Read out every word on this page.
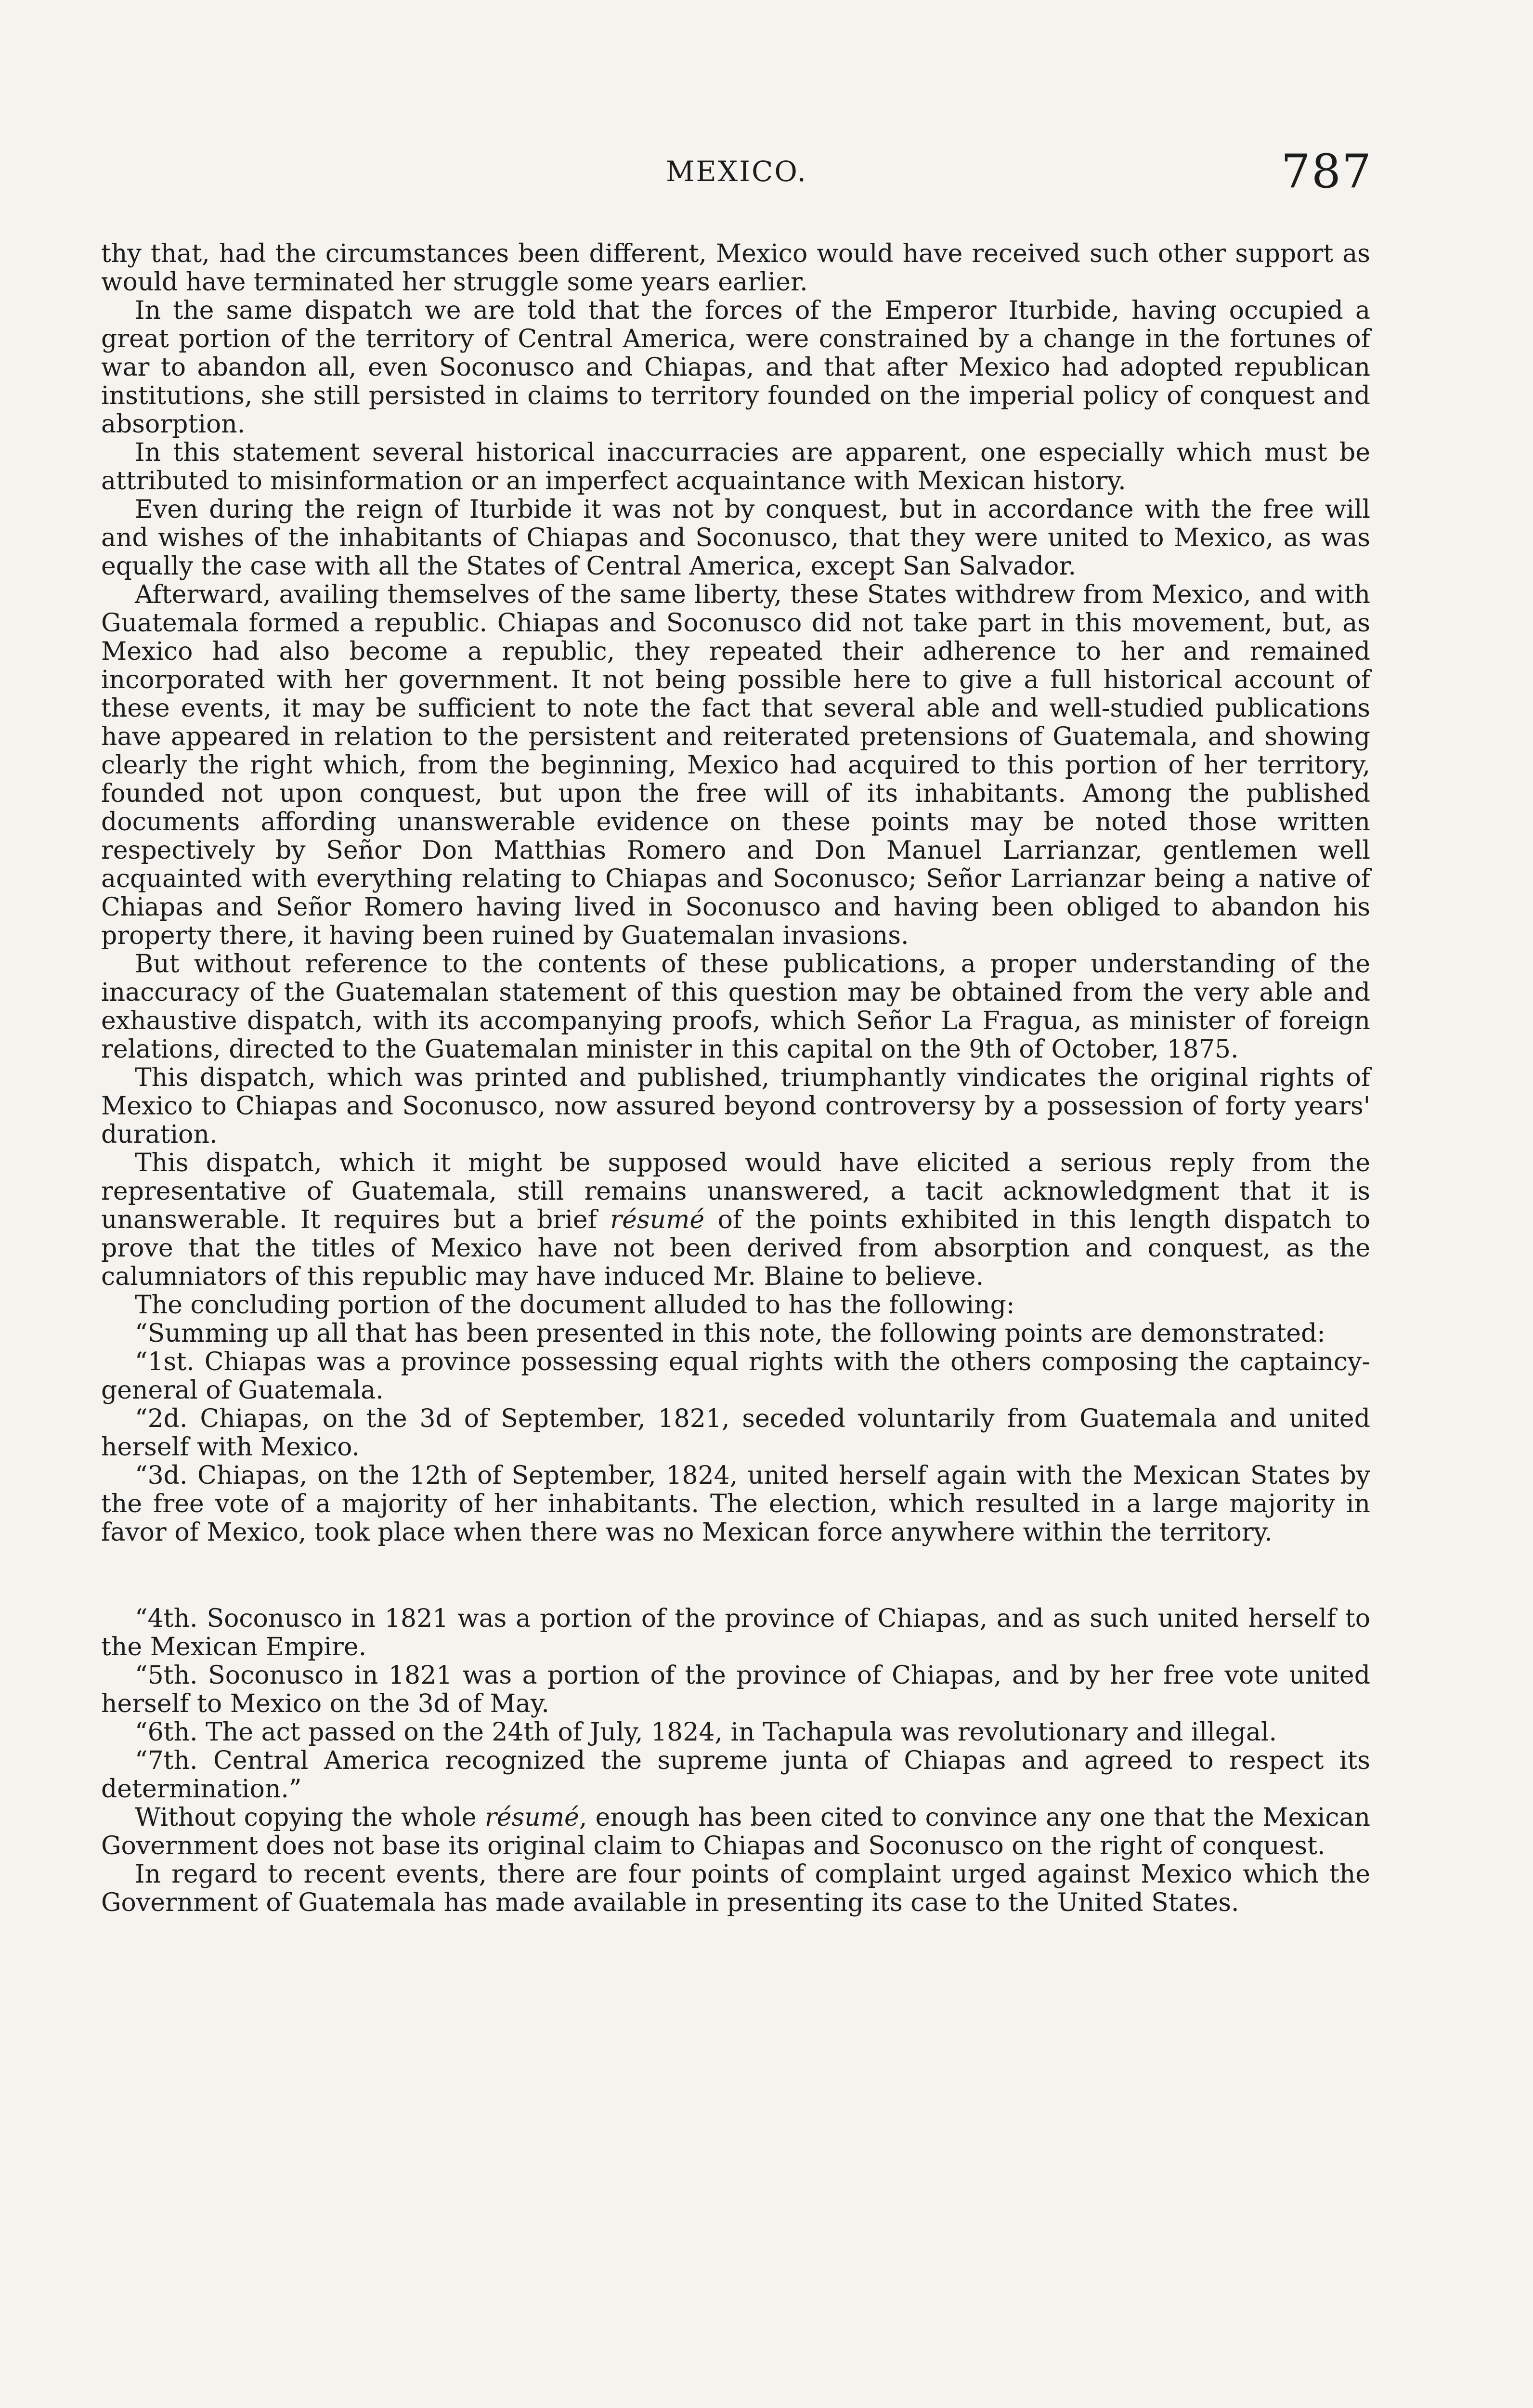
MEXICO.	787

thy that, had the circumstances been different, Mexico would have received such other support as would have terminated her struggle some years earlier.

In the same dispatch we are told that the forces of the Emperor Iturbide, having occupied a great portion of the territory of Central America, were constrained by a change in the fortunes of war to abandon all, even Soconusco and Chiapas, and that after Mexico had adopted republican institutions, she still persisted in claims to territory founded on the imperial policy of conquest and absorption.

In this statement several historical inaccurracies are apparent, one especially which must be attributed to misinformation or an imperfect acquaintance with Mexican history.

Even during the reign of Iturbide it was not by conquest, but in accordance with the free will and wishes of the inhabitants of Chiapas and Soconusco, that they were united to Mexico, as was equally the case with all the States of Central America, except San Salvador.

Afterward, availing themselves of the same liberty, these States withdrew from Mexico, and with Guatemala formed a republic. Chiapas and Soconusco did not take part in this movement, but, as Mexico had also become a republic, they repeated their adherence to her and remained incorporated with her government. It not being possible here to give a full historical account of these events, it may be sufficient to note the fact that several able and well-studied publications have appeared in relation to the persistent and reiterated pretensions of Guatemala, and showing clearly the right which, from the beginning, Mexico had acquired to this portion of her territory, founded not upon conquest, but upon the free will of its inhabitants. Among the published documents affording unanswerable evidence on these points may be noted those written respectively by Señor Don Matthias Romero and Don Manuel Larrianzar, gentlemen well acquainted with everything relating to Chiapas and Soconusco; Señor Larrianzar being a native of Chiapas and Señor Romero having lived in Soconusco and having been obliged to abandon his property there, it having been ruined by Guatemalan invasions.

But without reference to the contents of these publications, a proper understanding of the inaccuracy of the Guatemalan statement of this question may be obtained from the very able and exhaustive dispatch, with its accompanying proofs, which Señor La Fragua, as minister of foreign relations, directed to the Guatemalan minister in this capital on the 9th of October, 1875.

This dispatch, which was printed and published, triumphantly vindicates the original rights of Mexico to Chiapas and Soconusco, now assured beyond controversy by a possession of forty years' duration.

This dispatch, which it might be supposed would have elicited a serious reply from the representative of Guatemala, still remains unanswered, a tacit acknowledgment that it is unanswerable. It requires but a brief résumé of the points exhibited in this length dispatch to prove that the titles of Mexico have not been derived from absorption and conquest, as the calumniators of this republic may have induced Mr. Blaine to believe.

The concluding portion of the document alluded to has the following:

“Summing up all that has been presented in this note, the following points are demonstrated:

“1st. Chiapas was a province possessing equal rights with the others composing the captaincy-general of Guatemala.

“2d. Chiapas, on the 3d of September, 1821, seceded voluntarily from Guatemala and united herself with Mexico.

“3d. Chiapas, on the 12th of September, 1824, united herself again with the Mexican States by the free vote of a majority of her inhabitants. The election, which resulted in a large majority in favor of Mexico, took place when there was no Mexican force anywhere within the territory.

“4th. Soconusco in 1821 was a portion of the province of Chiapas, and as such united herself to the Mexican Empire.

“5th. Soconusco in 1821 was a portion of the province of Chiapas, and by her free vote united herself to Mexico on the 3d of May.

“6th. The act passed on the 24th of July, 1824, in Tachapula was revolutionary and illegal.

“7th. Central America recognized the supreme junta of Chiapas and agreed to respect its determination.”

Without copying the whole résumé, enough has been cited to convince any one that the Mexican Government does not base its original claim to Chiapas and Soconusco on the right of conquest.

In regard to recent events, there are four points of complaint urged against Mexico which the Government of Guatemala has made available in presenting its case to the United States.
